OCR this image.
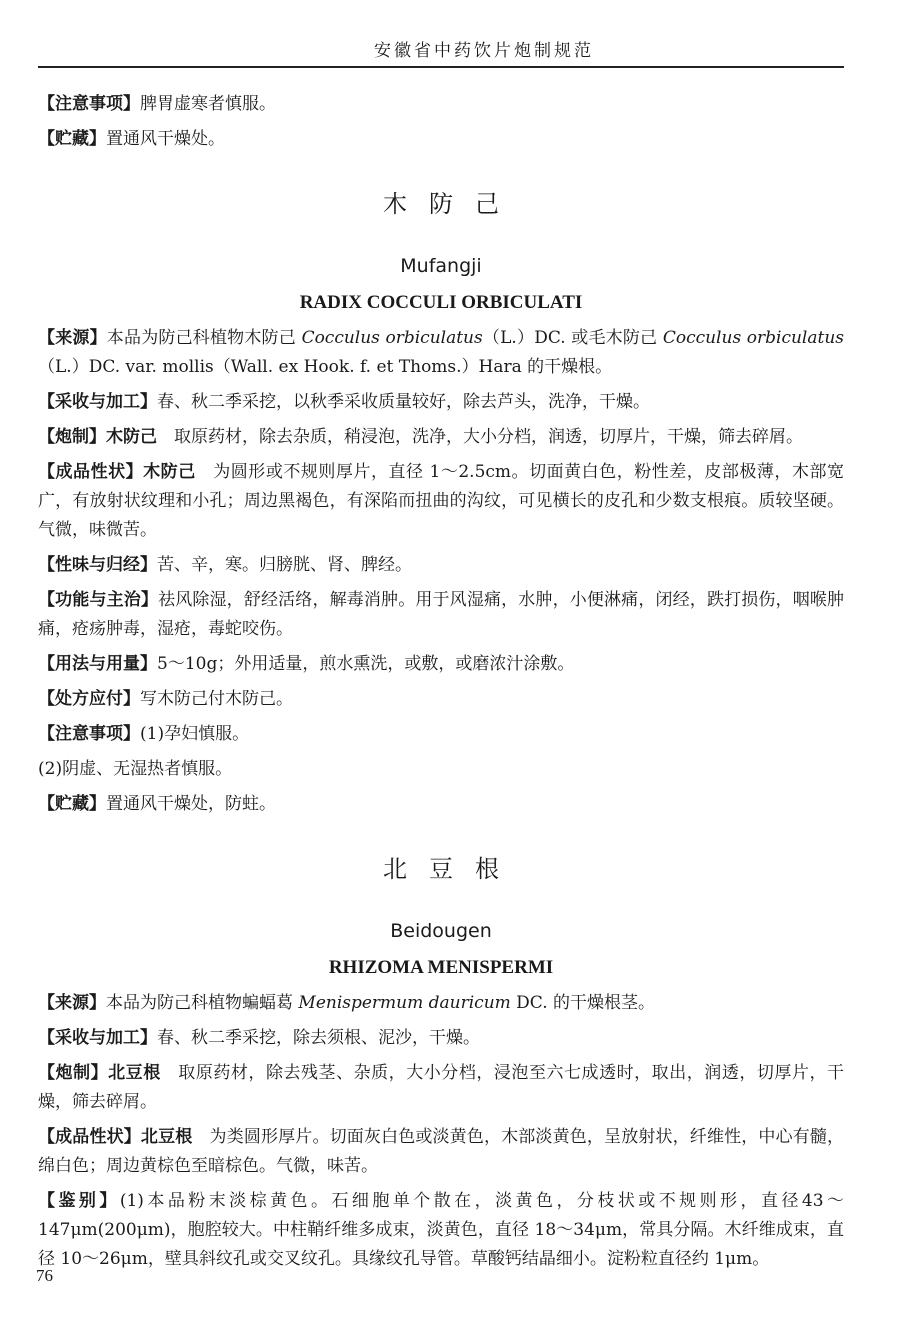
安徽省中药饮片炮制规范

【注意事项】脾胃虚寒者慎服。

【贮藏】置通风干燥处。

木防己
Mufangji
RADIX COCCULI ORBICULATI

【来源】本品为防己科植物木防己 Cocculus orbiculatus（L.）DC. 或毛木防己 Cocculus orbiculatus（L.）DC. var. mollis（Wall. ex Hook. f. et Thoms.）Hara 的干燥根。

【采收与加工】春、秋二季采挖，以秋季采收质量较好，除去芦头，洗净，干燥。

【炮制】木防己　取原药材，除去杂质，稍浸泡，洗净，大小分档，润透，切厚片，干燥，筛去碎屑。

【成品性状】木防己　为圆形或不规则厚片，直径 1～2.5cm。切面黄白色，粉性差，皮部极薄，木部宽广，有放射状纹理和小孔；周边黑褐色，有深陷而扭曲的沟纹，可见横长的皮孔和少数支根痕。质较坚硬。气微，味微苦。

【性味与归经】苦、辛，寒。归膀胱、肾、脾经。

【功能与主治】祛风除湿，舒经活络，解毒消肿。用于风湿痛，水肿，小便淋痛，闭经，跌打损伤，咽喉肿痛，疮疡肿毒，湿疮，毒蛇咬伤。

【用法与用量】5～10g；外用适量，煎水熏洗，或敷，或磨浓汁涂敷。

【处方应付】写木防己付木防己。

【注意事项】(1)孕妇慎服。

(2)阴虚、无湿热者慎服。

【贮藏】置通风干燥处，防蛀。

北豆根
Beidougen
RHIZOMA MENISPERMI

【来源】本品为防己科植物蝙蝠葛 Menispermum dauricum DC. 的干燥根茎。

【采收与加工】春、秋二季采挖，除去须根、泥沙，干燥。

【炮制】北豆根　取原药材，除去残茎、杂质，大小分档，浸泡至六七成透时，取出，润透，切厚片，干燥，筛去碎屑。

【成品性状】北豆根　为类圆形厚片。切面灰白色或淡黄色，木部淡黄色，呈放射状，纤维性，中心有髓，绵白色；周边黄棕色至暗棕色。气微，味苦。

【鉴别】(1)本品粉末淡棕黄色。石细胞单个散在，淡黄色，分枝状或不规则形，直径43～147μm(200μm)，胞腔较大。中柱鞘纤维多成束，淡黄色，直径 18～34μm，常具分隔。木纤维成束，直径 10～26μm，壁具斜纹孔或交叉纹孔。具缘纹孔导管。草酸钙结晶细小。淀粉粒直径约 1μm。

76
